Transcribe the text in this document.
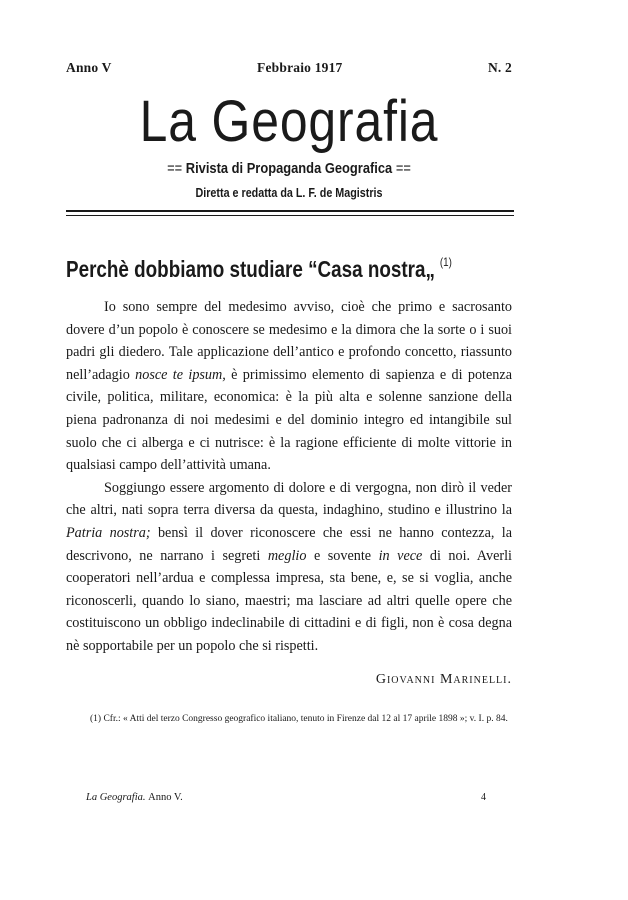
Anno V	Febbraio 1917	N. 2
La Geografia
== Rivista di Propaganda Geografica ==
Diretta e redatta da L. F. de Magistris
Perchè dobbiamo studiare “Casa nostra„ $^{(1)}$

Io sono sempre del medesimo avviso, cioè che primo e sacrosanto dovere d’un popolo è conoscere se medesimo e la dimora che la sorte o i suoi padri gli diedero. Tale applicazione dell’antico e profondo concetto, riassunto nell’adagio nosce te ipsum, è primissimo elemento di sapienza e di potenza civile, politica, militare, economica: è la più alta e solenne sanzione della piena padronanza di noi medesimi e del dominio integro ed intangibile sul suolo che ci alberga e ci nutrisce: è la ragione efficiente di molte vittorie in qualsiasi campo dell’attività umana.

Soggiungo essere argomento di dolore e di vergogna, non dirò il veder che altri, nati sopra terra diversa da questa, indaghino, studino e illustrino la Patria nostra; bensì il dover riconoscere che essi ne hanno contezza, la descrivono, ne narrano i segreti meglio e sovente in vece di noi. Averli cooperatori nell’ardua e complessa impresa, sta bene, e, se si voglia, anche riconoscerli, quando lo siano, maestri; ma lasciare ad altri quelle opere che costituiscono un obbligo indeclinabile di cittadini e di figli, non è cosa degna nè sopportabile per un popolo che si rispetti.

Giovanni Marinelli.
(1) Cfr.: « Atti del terzo Congresso geografico italiano, tenuto in Firenze dal 12 al 17 aprile 1898 »; v. I. p. 84.
La Geografia. Anno V.	4
